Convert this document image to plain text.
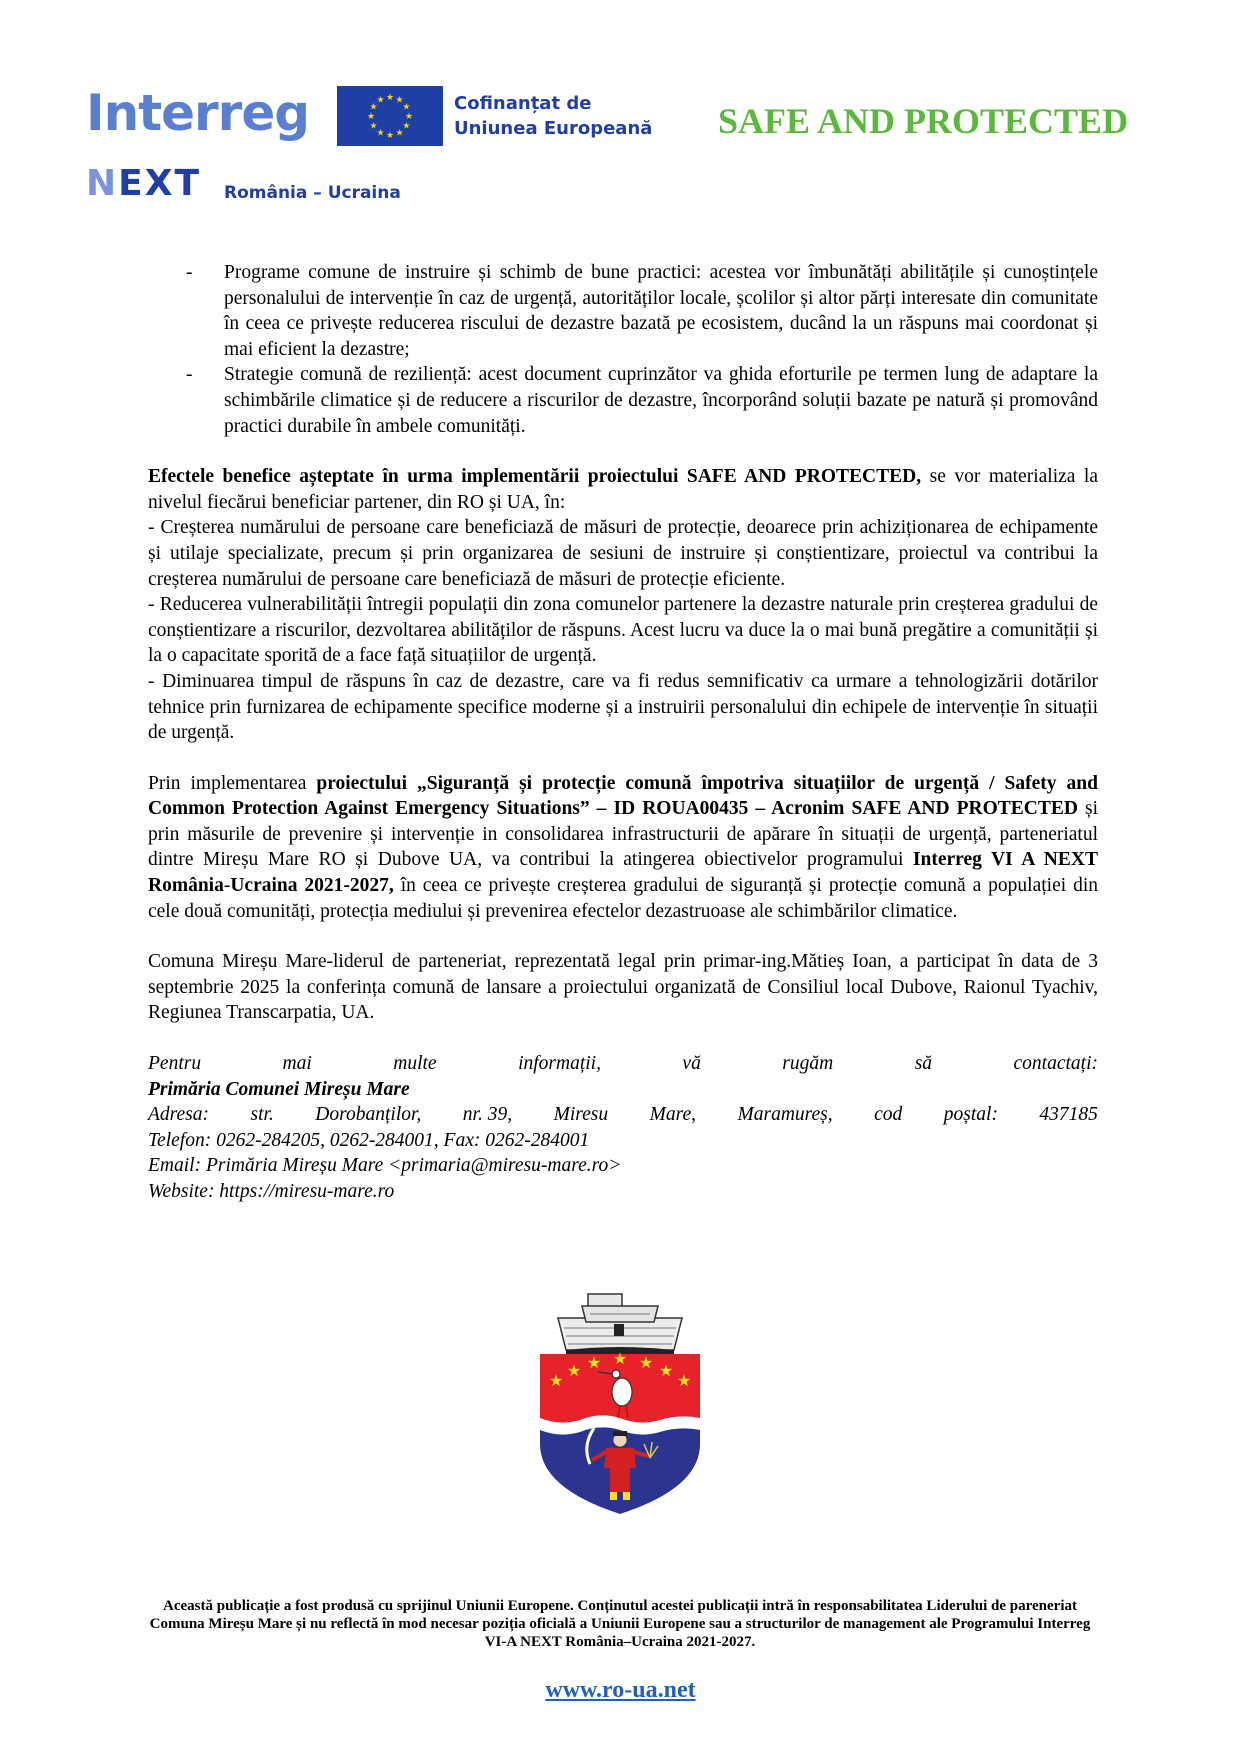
Interreg	★ ★
★
★
★
★
★
★
★
★
★
★	Cofinanțat de
Uniunea Europeană
NEXT România – Ucraina
SAFE AND PROTECTED
- Programe comune de instruire și schimb de bune practici: acestea vor îmbunătăți abilitățile și cunoștințele personalului de intervenție în caz de urgență, autorităților locale, școlilor și altor părți interesate din comunitate în ceea ce privește reducerea riscului de dezastre bazată pe ecosistem, ducând la un răspuns mai coordonat și mai eficient la dezastre;
- Strategie comună de reziliență: acest document cuprinzător va ghida eforturile pe termen lung de adaptare la schimbările climatice și de reducere a riscurilor de dezastre, încorporând soluții bazate pe natură și promovând practici durabile în ambele comunități.

Efectele benefice așteptate în urma implementării proiectului SAFE AND PROTECTED, se vor materializa la nivelul fiecărui beneficiar partener, din RO și UA, în:

- Creșterea numărului de persoane care beneficiază de măsuri de protecție, deoarece prin achiziționarea de echipamente și utilaje specializate, precum și prin organizarea de sesiuni de instruire și conștientizare, proiectul va contribui la creșterea numărului de persoane care beneficiază de măsuri de protecție eficiente.

- Reducerea vulnerabilității întregii populații din zona comunelor partenere la dezastre naturale prin creșterea gradului de conștientizare a riscurilor, dezvoltarea abilităților de răspuns. Acest lucru va duce la o mai bună pregătire a comunității și la o capacitate sporită de a face față situațiilor de urgență.

- Diminuarea timpul de răspuns în caz de dezastre, care va fi redus semnificativ ca urmare a tehnologizării dotărilor tehnice prin furnizarea de echipamente specifice moderne și a instruirii personalului din echipele de intervenție în situații de urgență.

Prin implementarea proiectului „Siguranță și protecție comună împotriva situațiilor de urgență / Safety and Common Protection Against Emergency Situations” – ID ROUA00435 – Acronim SAFE AND PROTECTED și prin măsurile de prevenire și intervenție in consolidarea infrastructurii de apărare în situații de urgență, parteneriatul dintre Mireșu Mare RO și Dubove UA, va contribui la atingerea obiectivelor programului Interreg VI A NEXT România-Ucraina 2021-2027, în ceea ce privește creșterea gradului de siguranță și protecție comună a populației din cele două comunități, protecția mediului și prevenirea efectelor dezastruoase ale schimbărilor climatice.

Comuna Mireșu Mare-liderul de parteneriat, reprezentată legal prin primar-ing.Mătieș Ioan, a participat în data de 3 septembrie 2025 la conferința comună de lansare a proiectului organizată de Consiliul local Dubove, Raionul Tyachiv, Regiunea Transcarpatia, UA.

Pentru	mai	multe	informații,	vă	rugăm	să	contactați:
Primăria Comunei Mireșu Mare
Adresa: str. Dorobanților, nr. 39, Miresu Mare, Maramureș, cod poștal: 437185
Telefon: 0262-284205, 0262-284001, Fax: 0262-284001
Email: Primăria Mireșu Mare <primaria@miresu-mare.ro>
Website: https://miresu-mare.ro
★
★ ★ ★ ★ ★
★
Această publicație a fost produsă cu sprijinul Uniunii Europene. Conținutul acestei publicații intră în responsabilitatea Liderului de pareneriat Comuna Mireșu Mare și nu reflectă în mod necesar poziția oficială a Uniunii Europene sau a structurilor de management ale Programului Interreg VI-A NEXT România–Ucraina 2021-2027.
www.ro-ua.net
